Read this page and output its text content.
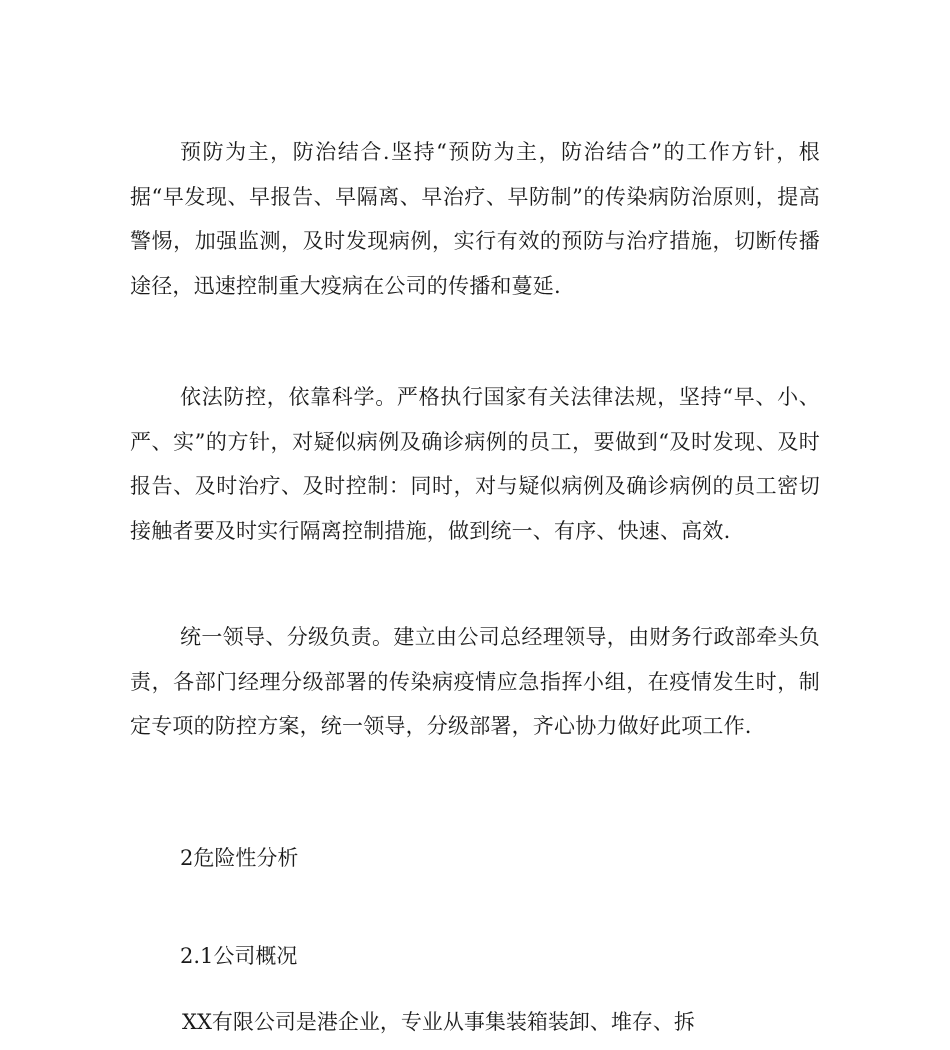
预防为主，防治结合.坚持“预防为主，防治结合”的工作方针，根据“早发现、早报告、早隔离、早治疗、早防制”的传染病防治原则，提高警惕，加强监测，及时发现病例，实行有效的预防与治疗措施，切断传播途径，迅速控制重大疫病在公司的传播和蔓延.

依法防控，依靠科学。严格执行国家有关法律法规，坚持“早、小、严、实”的方针，对疑似病例及确诊病例的员工，要做到“及时发现、及时报告、及时治疗、及时控制：同时，对与疑似病例及确诊病例的员工密切接触者要及时实行隔离控制措施，做到统一、有序、快速、高效.

统一领导、分级负责。建立由公司总经理领导，由财务行政部牵头负责，各部门经理分级部署的传染病疫情应急指挥小组，在疫情发生时，制定专项的防控方案，统一领导，分级部署，齐心协力做好此项工作.

2危险性分析

2.1公司概况

XX有限公司是港企业，专业从事集装箱装卸、堆存、拆
